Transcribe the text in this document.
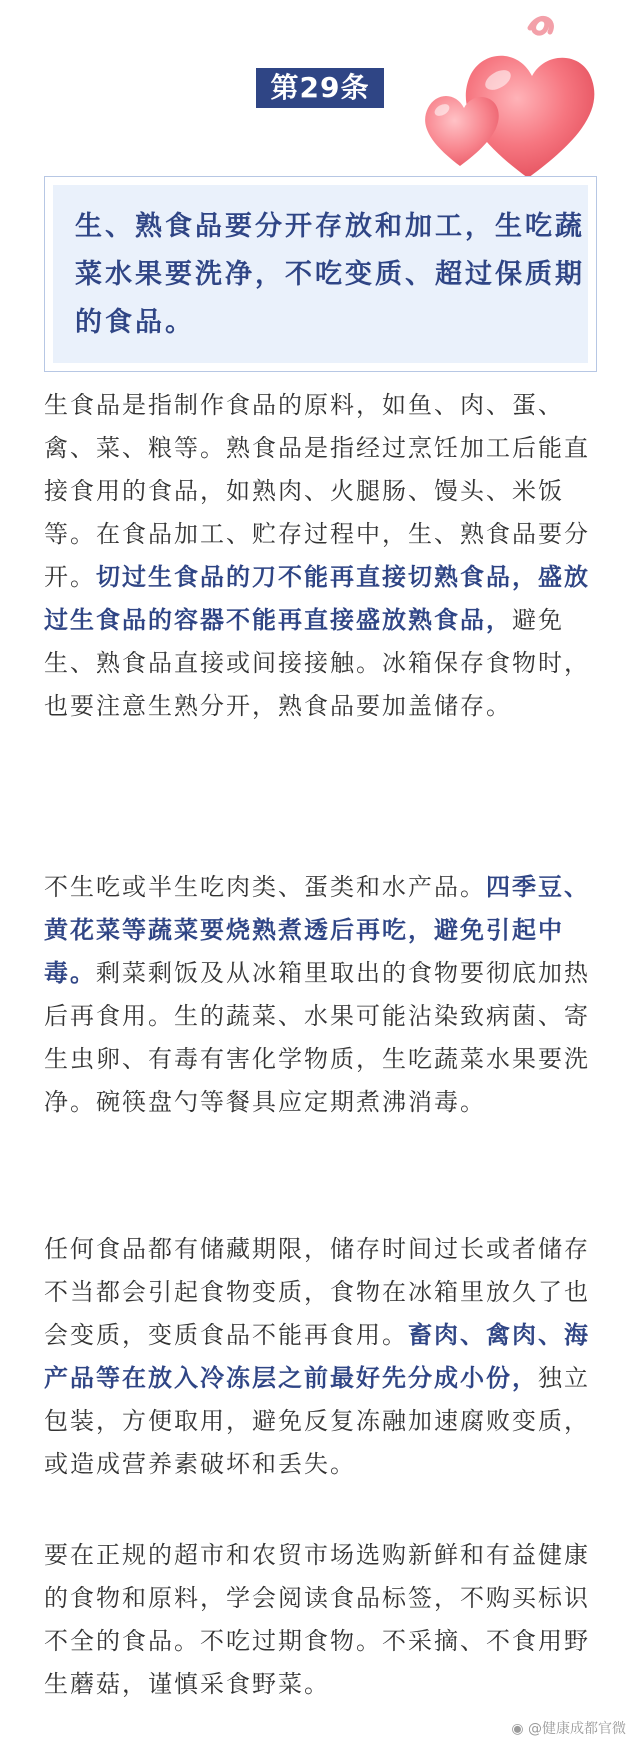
第29条

生、熟食品要分开存放和加工，生吃蔬菜水果要洗净，不吃变质、超过保质期的食品。

生食品是指制作食品的原料，如鱼、肉、蛋、禽、菜、粮等。熟食品是指经过烹饪加工后能直接食用的食品，如熟肉、火腿肠、馒头、米饭等。在食品加工、贮存过程中，生、熟食品要分开。切过生食品的刀不能再直接切熟食品，盛放过生食品的容器不能再直接盛放熟食品，避免生、熟食品直接或间接接触。冰箱保存食物时，也要注意生熟分开，熟食品要加盖储存。

不生吃或半生吃肉类、蛋类和水产品。四季豆、黄花菜等蔬菜要烧熟煮透后再吃，避免引起中毒。剩菜剩饭及从冰箱里取出的食物要彻底加热后再食用。生的蔬菜、水果可能沾染致病菌、寄生虫卵、有毒有害化学物质，生吃蔬菜水果要洗净。碗筷盘勺等餐具应定期煮沸消毒。

任何食品都有储藏期限，储存时间过长或者储存不当都会引起食物变质，食物在冰箱里放久了也会变质，变质食品不能再食用。畜肉、禽肉、海产品等在放入冷冻层之前最好先分成小份，独立包装，方便取用，避免反复冻融加速腐败变质，或造成营养素破坏和丢失。

要在正规的超市和农贸市场选购新鲜和有益健康的食物和原料，学会阅读食品标签，不购买标识不全的食品。不吃过期食物。不采摘、不食用野生蘑菇，谨慎采食野菜。

◉ @健康成都官微
